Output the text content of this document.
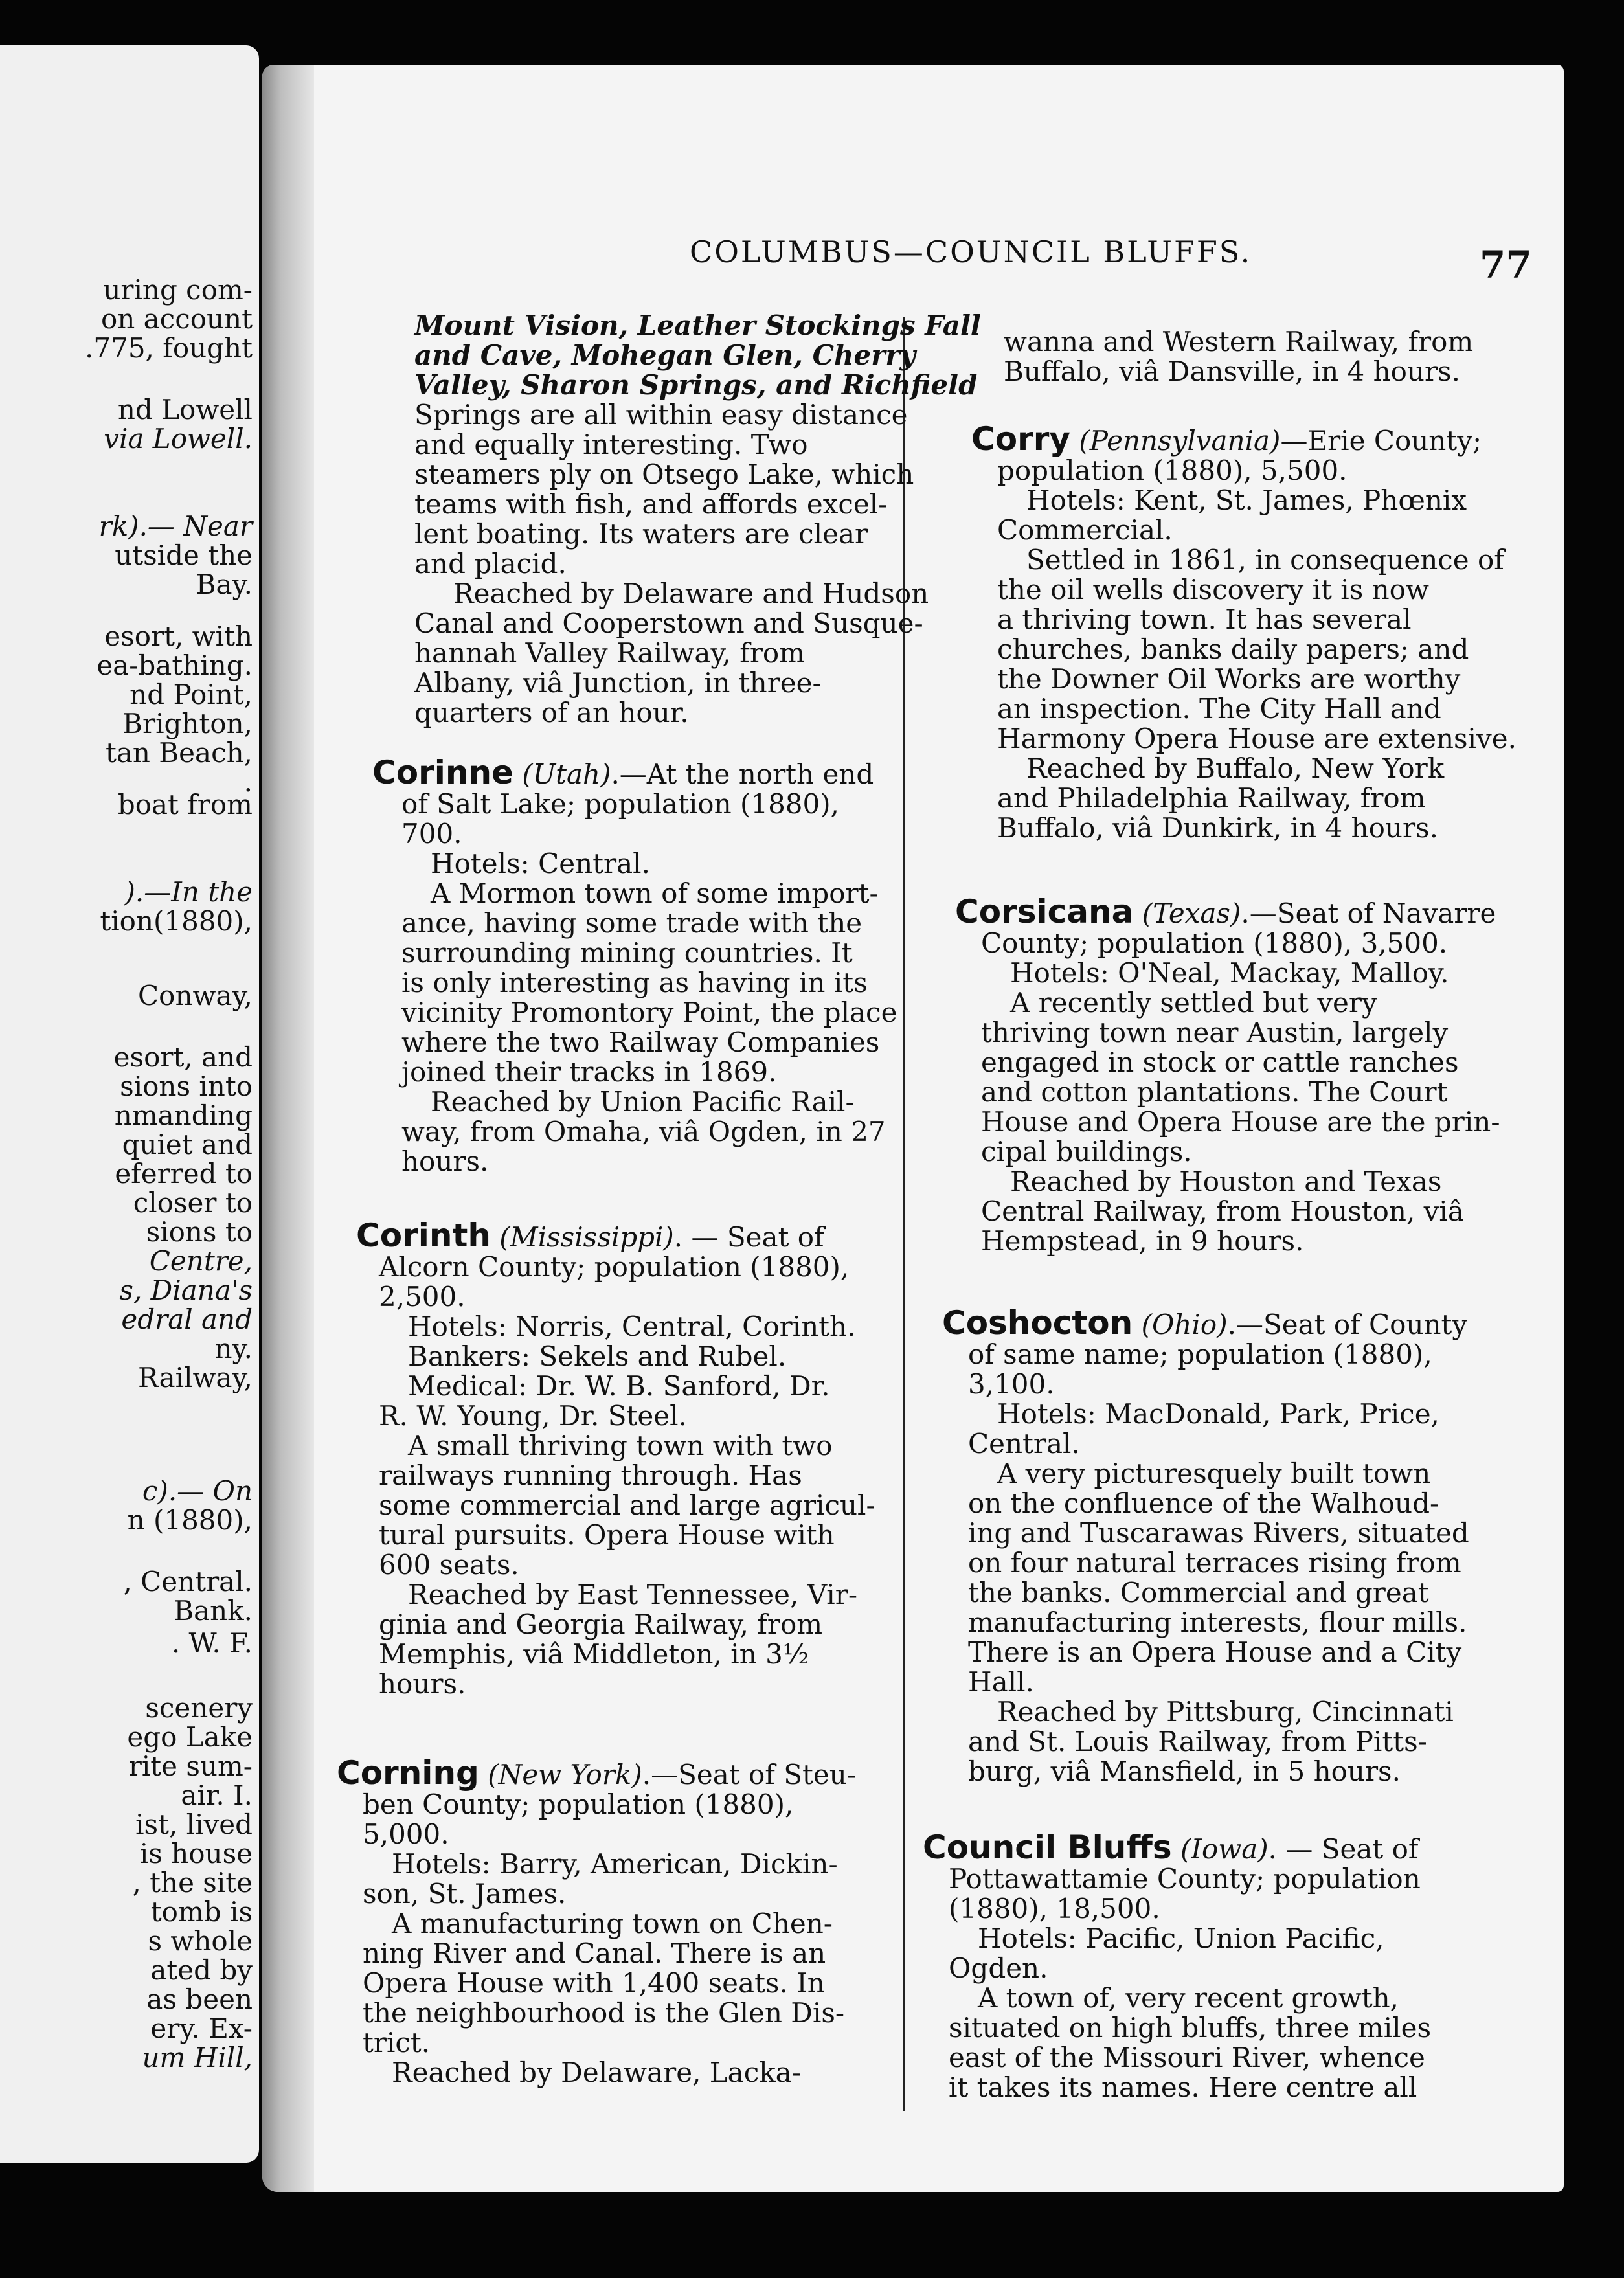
uring com-
on account
.775, fought
nd Lowell
via Lowell.
rk).— Near
utside the
Bay.
esort, with
ea-bathing.
nd Point,
Brighton,
tan Beach,
.
boat from
).—In the
tion(1880),
Conway,
esort, and
sions into
nmanding
quiet and
eferred to
closer to
sions to
Centre,
s, Diana's
edral and
ny.
Railway,
c).— On
n (1880),
, Central.
Bank.
. W. F.
scenery
ego Lake
rite sum-
air. I.
ist, lived
is house
, the site
tomb is
s whole
ated by
as been
ery. Ex-
um Hill,
COLUMBUS—COUNCIL BLUFFS.	77
Mount Vision, Leather Stockings Fall
and Cave, Mohegan Glen, Cherry
Valley, Sharon Springs, and Richfield
Springs are all within easy distance
and equally interesting. Two
steamers ply on Otsego Lake, which
teams with fish, and affords excel-
lent boating. Its waters are clear
and placid.
Reached by Delaware and Hudson
Canal and Cooperstown and Susque-
hannah Valley Railway, from
Albany, viâ Junction, in three-
quarters of an hour.
Corinne (Utah).—At the north end
of Salt Lake; population (1880),
700.
Hotels: Central.
A Mormon town of some import-
ance, having some trade with the
surrounding mining countries. It
is only interesting as having in its
vicinity Promontory Point, the place
where the two Railway Companies
joined their tracks in 1869.
Reached by Union Pacific Rail-
way, from Omaha, viâ Ogden, in 27
hours.
Corinth (Mississippi). — Seat of
Alcorn County; population (1880),
2,500.
Hotels: Norris, Central, Corinth.
Bankers: Sekels and Rubel.
Medical: Dr. W. B. Sanford, Dr.
R. W. Young, Dr. Steel.
A small thriving town with two
railways running through. Has
some commercial and large agricul-
tural pursuits. Opera House with
600 seats.
Reached by East Tennessee, Vir-
ginia and Georgia Railway, from
Memphis, viâ Middleton, in 3½
hours.
Corning (New York).—Seat of Steu-
ben County; population (1880),
5,000.
Hotels: Barry, American, Dickin-
son, St. James.
A manufacturing town on Chen-
ning River and Canal. There is an
Opera House with 1,400 seats. In
the neighbourhood is the Glen Dis-
trict.
Reached by Delaware, Lacka-
wanna and Western Railway, from
Buffalo, viâ Dansville, in 4 hours.
Corry (Pennsylvania)—Erie County;
population (1880), 5,500.
Hotels: Kent, St. James, Phœnix
Commercial.
Settled in 1861, in consequence of
the oil wells discovery it is now
a thriving town. It has several
churches, banks daily papers; and
the Downer Oil Works are worthy
an inspection. The City Hall and
Harmony Opera House are extensive.
Reached by Buffalo, New York
and Philadelphia Railway, from
Buffalo, viâ Dunkirk, in 4 hours.
Corsicana (Texas).—Seat of Navarre
County; population (1880), 3,500.
Hotels: O'Neal, Mackay, Malloy.
A recently settled but very
thriving town near Austin, largely
engaged in stock or cattle ranches
and cotton plantations. The Court
House and Opera House are the prin-
cipal buildings.
Reached by Houston and Texas
Central Railway, from Houston, viâ
Hempstead, in 9 hours.
Coshocton (Ohio).—Seat of County
of same name; population (1880),
3,100.
Hotels: MacDonald, Park, Price,
Central.
A very picturesquely built town
on the confluence of the Walhoud-
ing and Tuscarawas Rivers, situated
on four natural terraces rising from
the banks. Commercial and great
manufacturing interests, flour mills.
There is an Opera House and a City
Hall.
Reached by Pittsburg, Cincinnati
and St. Louis Railway, from Pitts-
burg, viâ Mansfield, in 5 hours.
Council Bluffs (Iowa). — Seat of
Pottawattamie County; population
(1880), 18,500.
Hotels: Pacific, Union Pacific,
Ogden.
A town of, very recent growth,
situated on high bluffs, three miles
east of the Missouri River, whence
it takes its names. Here centre all
